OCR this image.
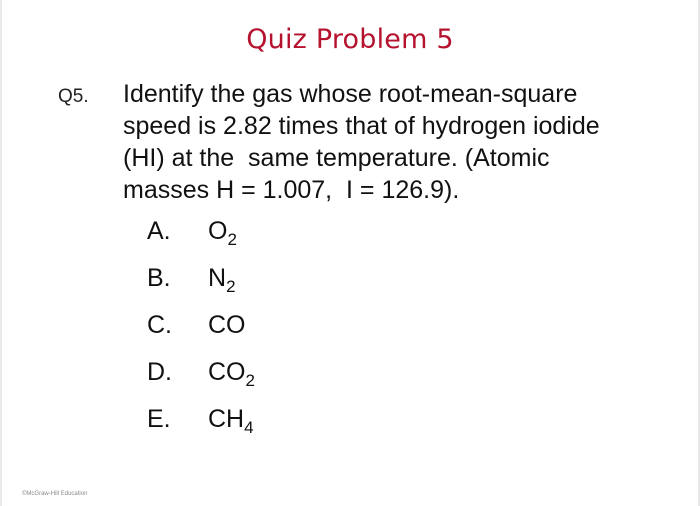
Quiz Problem 5
Q5. Identify the gas whose root-mean-square
speed is 2.82 times that of hydrogen iodide
(HI) at the  same temperature. (Atomic
masses H = 1.007,  I = 126.9).
A. $O_2$
B. $N_2$
C. CO
D. $CO_2$
E. $CH_4$
©McGraw-Hill Education
